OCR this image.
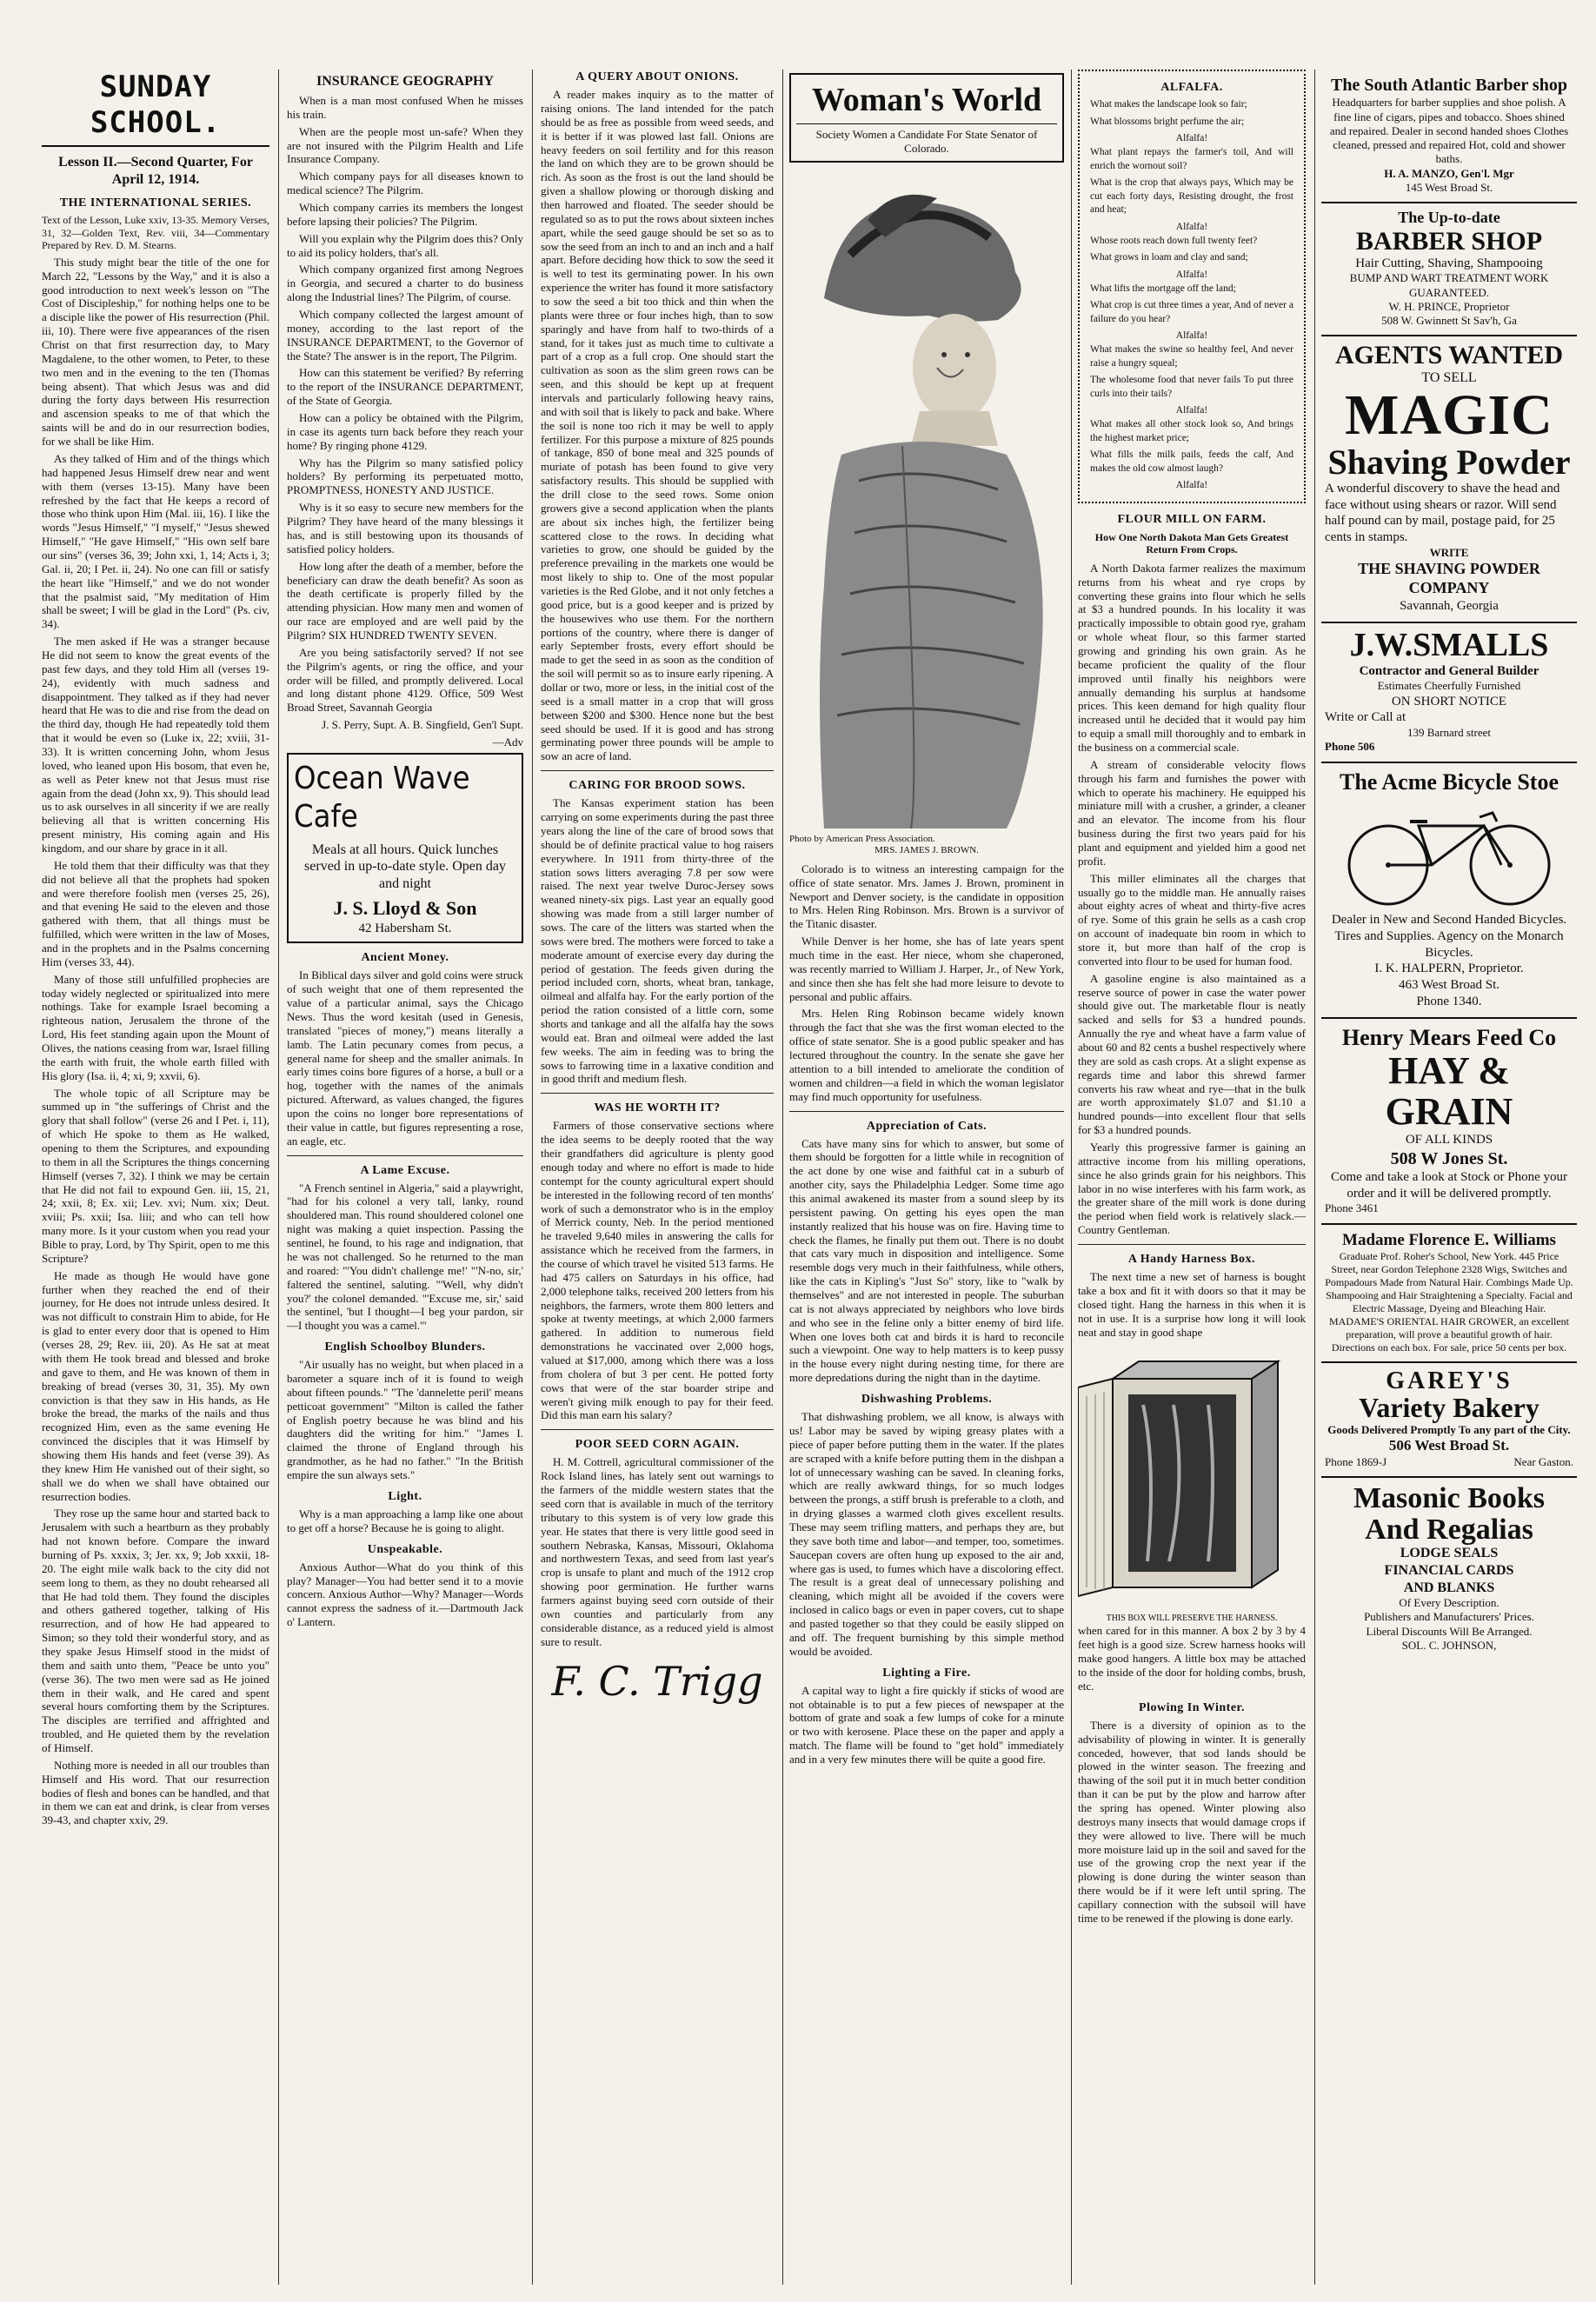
SUNDAY SCHOOL.
Lesson II.—Second Quarter, For April 12, 1914.
THE INTERNATIONAL SERIES.

Text of the Lesson, Luke xxiv, 13-35. Memory Verses, 31, 32—Golden Text, Rev. viii, 34—Commentary Prepared by Rev. D. M. Stearns.

This study might bear the title of the one for March 22, "Lessons by the Way," and it is also a good introduction to next week's lesson on "The Cost of Discipleship," for nothing helps one to be a disciple like the power of His resurrection (Phil. iii, 10). There were five appearances of the risen Christ on that first resurrection day, to Mary Magdalene, to the other women, to Peter, to these two men and in the evening to the ten (Thomas being absent). That which Jesus was and did during the forty days between His resurrection and ascension speaks to me of that which the saints will be and do in our resurrection bodies, for we shall be like Him.

As they talked of Him and of the things which had happened Jesus Himself drew near and went with them (verses 13-15). Many have been refreshed by the fact that He keeps a record of those who think upon Him (Mal. iii, 16). I like the words "Jesus Himself," "I myself," "Jesus shewed Himself," "He gave Himself," "His own self bare our sins" (verses 36, 39; John xxi, 1, 14; Acts i, 3; Gal. ii, 20; I Pet. ii, 24). No one can fill or satisfy the heart like "Himself," and we do not wonder that the psalmist said, "My meditation of Him shall be sweet; I will be glad in the Lord" (Ps. civ, 34).

The men asked if He was a stranger because He did not seem to know the great events of the past few days, and they told Him all (verses 19-24), evidently with much sadness and disappointment. They talked as if they had never heard that He was to die and rise from the dead on the third day, though He had repeatedly told them that it would be even so (Luke ix, 22; xviii, 31-33). It is written concerning John, whom Jesus loved, who leaned upon His bosom, that even he, as well as Peter knew not that Jesus must rise again from the dead (John xx, 9). This should lead us to ask ourselves in all sincerity if we are really believing all that is written concerning His present ministry, His coming again and His kingdom, and our share by grace in it all.

He told them that their difficulty was that they did not believe all that the prophets had spoken and were therefore foolish men (verses 25, 26), and that evening He said to the eleven and those gathered with them, that all things must be fulfilled, which were written in the law of Moses, and in the prophets and in the Psalms concerning Him (verses 33, 44).

Many of those still unfulfilled prophecies are today widely neglected or spiritualized into mere nothings. Take for example Israel becoming a righteous nation, Jerusalem the throne of the Lord, His feet standing again upon the Mount of Olives, the nations ceasing from war, Israel filling the earth with fruit, the whole earth filled with His glory (Isa. ii, 4; xi, 9; xxvii, 6).

The whole topic of all Scripture may be summed up in "the sufferings of Christ and the glory that shall follow" (verse 26 and I Pet. i, 11), of which He spoke to them as He walked, opening to them the Scriptures, and expounding to them in all the Scriptures the things concerning Himself (verses 7, 32). I think we may be certain that He did not fail to expound Gen. iii, 15, 21, 24; xxii, 8; Ex. xii; Lev. xvi; Num. xix; Deut. xviii; Ps. xxii; Isa. liii; and who can tell how many more. Is it your custom when you read your Bible to pray, Lord, by Thy Spirit, open to me this Scripture?

He made as though He would have gone further when they reached the end of their journey, for He does not intrude unless desired. It was not difficult to constrain Him to abide, for He is glad to enter every door that is opened to Him (verses 28, 29; Rev. iii, 20). As He sat at meat with them He took bread and blessed and broke and gave to them, and He was known of them in breaking of bread (verses 30, 31, 35). My own conviction is that they saw in His hands, as He broke the bread, the marks of the nails and thus recognized Him, even as the same evening He convinced the disciples that it was Himself by showing them His hands and feet (verse 39). As they knew Him He vanished out of their sight, so shall we do when we shall have obtained our resurrection bodies.

They rose up the same hour and started back to Jerusalem with such a heartburn as they probably had not known before. Compare the inward burning of Ps. xxxix, 3; Jer. xx, 9; Job xxxii, 18-20. The eight mile walk back to the city did not seem long to them, as they no doubt rehearsed all that He had told them. They found the disciples and others gathered together, talking of His resurrection, and of how He had appeared to Simon; so they told their wonderful story, and as they spake Jesus Himself stood in the midst of them and saith unto them, "Peace be unto you" (verse 36). The two men were sad as He joined them in their walk, and He cared and spent several hours comforting them by the Scriptures. The disciples are terrified and affrighted and troubled, and He quieted them by the revelation of Himself.

Nothing more is needed in all our troubles than Himself and His word. That our resurrection bodies of flesh and bones can be handled, and that in them we can eat and drink, is clear from verses 39-43, and chapter xxiv, 29.

INSURANCE GEOGRAPHY

When is a man most confused When he misses his train.

When are the people most un-safe? When they are not insured with the Pilgrim Health and Life Insurance Company.

Which company pays for all diseases known to medical science? The Pilgrim.

Which company carries its members the longest before lapsing their policies? The Pilgrim.

Will you explain why the Pilgrim does this? Only to aid its policy holders, that's all.

Which company organized first among Negroes in Georgia, and secured a charter to do business along the Industrial lines? The Pilgrim, of course.

Which company collected the largest amount of money, according to the last report of the INSURANCE DEPARTMENT, to the Governor of the State? The answer is in the report, The Pilgrim.

How can this statement be verified? By referring to the report of the INSURANCE DEPARTMENT, of the State of Georgia.

How can a policy be obtained with the Pilgrim, in case its agents turn back before they reach your home? By ringing phone 4129.

Why has the Pilgrim so many satisfied policy holders? By performing its perpetuated motto, PROMPTNESS, HONESTY AND JUSTICE.

Why is it so easy to secure new members for the Pilgrim? They have heard of the many blessings it has, and is still bestowing upon its thousands of satisfied policy holders.

How long after the death of a member, before the beneficiary can draw the death benefit? As soon as the death certificate is properly filled by the attending physician. How many men and women of our race are employed and are well paid by the Pilgrim? SIX HUNDRED TWENTY SEVEN.

Are you being satisfactorily served? If not see the Pilgrim's agents, or ring the office, and your order will be filled, and promptly delivered. Local and long distant phone 4129. Office, 509 West Broad Street, Savannah Georgia

J. S. Perry, Supt. A. B. Singfield, Gen'l Supt.

—Adv

Ocean Wave Cafe

Meals at all hours. Quick lunches served in up-to-date style. Open day and night

J. S. Lloyd & Son
42 Habersham St.
Ancient Money.

In Biblical days silver and gold coins were struck of such weight that one of them represented the value of a particular animal, says the Chicago News. Thus the word kesitah (used in Genesis, translated "pieces of money,") means literally a lamb. The Latin pecunary comes from pecus, a general name for sheep and the smaller animals. In early times coins bore figures of a horse, a bull or a hog, together with the names of the animals pictured. Afterward, as values changed, the figures upon the coins no longer bore representations of their value in cattle, but figures representing a rose, an eagle, etc.

A Lame Excuse.

"A French sentinel in Algeria," said a playwright, "had for his colonel a very tall, lanky, round shouldered man. This round shouldered colonel one night was making a quiet inspection. Passing the sentinel, he found, to his rage and indignation, that he was not challenged. So he returned to the man and roared: "'You didn't challenge me!' "'N-no, sir,' faltered the sentinel, saluting. "'Well, why didn't you?' the colonel demanded. "'Excuse me, sir,' said the sentinel, 'but I thought—I beg your pardon, sir—I thought you was a camel.'"

English Schoolboy Blunders.

"Air usually has no weight, but when placed in a barometer a square inch of it is found to weigh about fifteen pounds." "The 'dannelette peril' means petticoat government" "Milton is called the father of English poetry because he was blind and his daughters did the writing for him." "James I. claimed the throne of England through his grandmother, as he had no father." "In the British empire the sun always sets."

Light.

Why is a man approaching a lamp like one about to get off a horse? Because he is going to alight.

Unspeakable.

Anxious Author—What do you think of this play? Manager—You had better send it to a movie concern. Anxious Author—Why? Manager—Words cannot express the sadness of it.—Dartmouth Jack o' Lantern.

A QUERY ABOUT ONIONS.

A reader makes inquiry as to the matter of raising onions. The land intended for the patch should be as free as possible from weed seeds, and it is better if it was plowed last fall. Onions are heavy feeders on soil fertility and for this reason the land on which they are to be grown should be rich. As soon as the frost is out the land should be given a shallow plowing or thorough disking and then harrowed and floated. The seeder should be regulated so as to put the rows about sixteen inches apart, while the seed gauge should be set so as to sow the seed from an inch to and an inch and a half apart. Before deciding how thick to sow the seed it is well to test its germinating power. In his own experience the writer has found it more satisfactory to sow the seed a bit too thick and thin when the plants were three or four inches high, than to sow sparingly and have from half to two-thirds of a stand, for it takes just as much time to cultivate a part of a crop as a full crop. One should start the cultivation as soon as the slim green rows can be seen, and this should be kept up at frequent intervals and particularly following heavy rains, and with soil that is likely to pack and bake. Where the soil is none too rich it may be well to apply fertilizer. For this purpose a mixture of 825 pounds of tankage, 850 of bone meal and 325 pounds of muriate of potash has been found to give very satisfactory results. This should be supplied with the drill close to the seed rows. Some onion growers give a second application when the plants are about six inches high, the fertilizer being scattered close to the rows. In deciding what varieties to grow, one should be guided by the preference prevailing in the markets one would be most likely to ship to. One of the most popular varieties is the Red Globe, and it not only fetches a good price, but is a good keeper and is prized by the housewives who use them. For the northern portions of the country, where there is danger of early September frosts, every effort should be made to get the seed in as soon as the condition of the soil will permit so as to insure early ripening. A dollar or two, more or less, in the initial cost of the seed is a small matter in a crop that will gross between $200 and $300. Hence none but the best seed should be used. If it is good and has strong germinating power three pounds will be ample to sow an acre of land.

CARING FOR BROOD SOWS.

The Kansas experiment station has been carrying on some experiments during the past three years along the line of the care of brood sows that should be of definite practical value to hog raisers everywhere. In 1911 from thirty-three of the station sows litters averaging 7.8 per sow were raised. The next year twelve Duroc-Jersey sows weaned ninety-six pigs. Last year an equally good showing was made from a still larger number of sows. The care of the litters was started when the sows were bred. The mothers were forced to take a moderate amount of exercise every day during the period of gestation. The feeds given during the period included corn, shorts, wheat bran, tankage, oilmeal and alfalfa hay. For the early portion of the period the ration consisted of a little corn, some shorts and tankage and all the alfalfa hay the sows would eat. Bran and oilmeal were added the last few weeks. The aim in feeding was to bring the sows to farrowing time in a laxative condition and in good thrift and medium flesh.

WAS HE WORTH IT?

Farmers of those conservative sections where the idea seems to be deeply rooted that the way their grandfathers did agriculture is plenty good enough today and where no effort is made to hide contempt for the county agricultural expert should be interested in the following record of ten months' work of such a demonstrator who is in the employ of Merrick county, Neb. In the period mentioned he traveled 9,640 miles in answering the calls for assistance which he received from the farmers, in the course of which travel he visited 513 farms. He had 475 callers on Saturdays in his office, had 2,000 telephone talks, received 200 letters from his neighbors, the farmers, wrote them 800 letters and spoke at twenty meetings, at which 2,000 farmers gathered. In addition to numerous field demonstrations he vaccinated over 2,000 hogs, valued at $17,000, among which there was a loss from cholera of but 3 per cent. He potted forty cows that were of the star boarder stripe and weren't giving milk enough to pay for their feed. Did this man earn his salary?

POOR SEED CORN AGAIN.

H. M. Cottrell, agricultural commissioner of the Rock Island lines, has lately sent out warnings to the farmers of the middle western states that the seed corn that is available in much of the territory tributary to this system is of very low grade this year. He states that there is very little good seed in southern Nebraska, Kansas, Missouri, Oklahoma and northwestern Texas, and seed from last year's crop is unsafe to plant and much of the 1912 crop showing poor germination. He further warns farmers against buying seed corn outside of their own counties and particularly from any considerable distance, as a reduced yield is almost sure to result.

F. C. Trigg
Woman's World
Society Women a Candidate For State Senator of Colorado.
Photo by American Press Association.
MRS. JAMES J. BROWN.

Colorado is to witness an interesting campaign for the office of state senator. Mrs. James J. Brown, prominent in Newport and Denver society, is the candidate in opposition to Mrs. Helen Ring Robinson. Mrs. Brown is a survivor of the Titanic disaster.

While Denver is her home, she has of late years spent much time in the east. Her niece, whom she chaperoned, was recently married to William J. Harper, Jr., of New York, and since then she has felt she had more leisure to devote to personal and public affairs.

Mrs. Helen Ring Robinson became widely known through the fact that she was the first woman elected to the office of state senator. She is a good public speaker and has lectured throughout the country. In the senate she gave her attention to a bill intended to ameliorate the condition of women and children—a field in which the woman legislator may find much opportunity for usefulness.

Appreciation of Cats.

Cats have many sins for which to answer, but some of them should be forgotten for a little while in recognition of the act done by one wise and faithful cat in a suburb of another city, says the Philadelphia Ledger. Some time ago this animal awakened its master from a sound sleep by its persistent pawing. On getting his eyes open the man instantly realized that his house was on fire. Having time to check the flames, he finally put them out. There is no doubt that cats vary much in disposition and intelligence. Some resemble dogs very much in their faithfulness, while others, like the cats in Kipling's "Just So" story, like to "walk by themselves" and are not interested in people. The suburban cat is not always appreciated by neighbors who love birds and who see in the feline only a bitter enemy of bird life. When one loves both cat and birds it is hard to reconcile such a viewpoint. One way to help matters is to keep pussy in the house every night during nesting time, for there are more depredations during the night than in the daytime.

Dishwashing Problems.

That dishwashing problem, we all know, is always with us! Labor may be saved by wiping greasy plates with a piece of paper before putting them in the water. If the plates are scraped with a knife before putting them in the dishpan a lot of unnecessary washing can be saved. In cleaning forks, which are really awkward things, for so much lodges between the prongs, a stiff brush is preferable to a cloth, and in drying glasses a warmed cloth gives excellent results. These may seem trifling matters, and perhaps they are, but they save both time and labor—and temper, too, sometimes. Saucepan covers are often hung up exposed to the air and, where gas is used, to fumes which have a discoloring effect. The result is a great deal of unnecessary polishing and cleaning, which might all be avoided if the covers were inclosed in calico bags or even in paper covers, cut to shape and pasted together so that they could be easily slipped on and off. The frequent burnishing by this simple method would be avoided.

Lighting a Fire.

A capital way to light a fire quickly if sticks of wood are not obtainable is to put a few pieces of newspaper at the bottom of grate and soak a few lumps of coke for a minute or two with kerosene. Place these on the paper and apply a match. The flame will be found to "get hold" immediately and in a very few minutes there will be quite a good fire.

ALFALFA.

What makes the landscape look so fair;

What blossoms bright perfume the air;

Alfalfa!

What plant repays the farmer's toil, And will enrich the wornout soil?

What is the crop that always pays, Which may be cut each forty days, Resisting drought, the frost and heat;

Alfalfa!

Whose roots reach down full twenty feet?

What grows in loam and clay and sand;

Alfalfa!

What lifts the mortgage off the land;

What crop is cut three times a year, And of never a failure do you hear?

Alfalfa!

What makes the swine so healthy feel, And never raise a hungry squeal;

The wholesome food that never fails To put three curls into their tails?

Alfalfa!

What makes all other stock look so, And brings the highest market price;

What fills the milk pails, feeds the calf, And makes the old cow almost laugh?

Alfalfa!
FLOUR MILL ON FARM.
How One North Dakota Man Gets Greatest Return From Crops.

A North Dakota farmer realizes the maximum returns from his wheat and rye crops by converting these grains into flour which he sells at $3 a hundred pounds. In his locality it was practically impossible to obtain good rye, graham or whole wheat flour, so this farmer started growing and grinding his own grain. As he became proficient the quality of the flour improved until finally his neighbors were annually demanding his surplus at handsome prices. This keen demand for high quality flour increased until he decided that it would pay him to equip a small mill thoroughly and to embark in the business on a commercial scale.

A stream of considerable velocity flows through his farm and furnishes the power with which to operate his machinery. He equipped his miniature mill with a crusher, a grinder, a cleaner and an elevator. The income from his flour business during the first two years paid for his plant and equipment and yielded him a good net profit.

This miller eliminates all the charges that usually go to the middle man. He annually raises about eighty acres of wheat and thirty-five acres of rye. Some of this grain he sells as a cash crop on account of inadequate bin room in which to store it, but more than half of the crop is converted into flour to be used for human food.

A gasoline engine is also maintained as a reserve source of power in case the water power should give out. The marketable flour is neatly sacked and sells for $3 a hundred pounds. Annually the rye and wheat have a farm value of about 60 and 82 cents a bushel respectively where they are sold as cash crops. At a slight expense as regards time and labor this shrewd farmer converts his raw wheat and rye—that in the bulk are worth approximately $1.07 and $1.10 a hundred pounds—into excellent flour that sells for $3 a hundred pounds.

Yearly this progressive farmer is gaining an attractive income from his milling operations, since he also grinds grain for his neighbors. This labor in no wise interferes with his farm work, as the greater share of the mill work is done during the period when field work is relatively slack.—Country Gentleman.

A Handy Harness Box.

The next time a new set of harness is bought take a box and fit it with doors so that it may be closed tight. Hang the harness in this when it is not in use. It is a surprise how long it will look neat and stay in good shape

THIS BOX WILL PRESERVE THE HARNESS.

when cared for in this manner. A box 2 by 3 by 4 feet high is a good size. Screw harness hooks will make good hangers. A little box may be attached to the inside of the door for holding combs, brush, etc.

Plowing In Winter.

There is a diversity of opinion as to the advisability of plowing in winter. It is generally conceded, however, that sod lands should be plowed in the winter season. The freezing and thawing of the soil put it in much better condition than it can be put by the plow and harrow after the spring has opened. Winter plowing also destroys many insects that would damage crops if they were allowed to live. There will be much more moisture laid up in the soil and saved for the use of the growing crop the next year if the plowing is done during the winter season than there would be if it were left until spring. The capillary connection with the subsoil will have time to be renewed if the plowing is done early.

The South Atlantic Barber shop
Headquarters for barber supplies and shoe polish. A fine line of cigars, pipes and tobacco. Shoes shined and repaired. Dealer in second handed shoes Clothes cleaned, pressed and repaired Hot, cold and shower baths.
H. A. MANZO, Gen'l. Mgr
145 West Broad St.
The Up-to-date
BARBER SHOP
Hair Cutting, Shaving, Shampooing
BUMP AND WART TREATMENT WORK GUARANTEED.
W. H. PRINCE, Proprietor
508 W. Gwinnett St Sav'h, Ga
AGENTS WANTED
TO SELL
MAGIC
Shaving Powder
A wonderful discovery to shave the head and face without using shears or razor. Will send half pound can by mail, postage paid, for 25 cents in stamps.
WRITE
THE SHAVING POWDER COMPANY
Savannah, Georgia
J.W.SMALLS
Contractor and General Builder
Estimates Cheerfully Furnished
ON SHORT NOTICE
Write or Call at
139 Barnard street
Phone 506
The Acme Bicycle Stoe
Dealer in New and Second Handed Bicycles. Tires and Supplies. Agency on the Monarch Bicycles.
I. K. HALPERN, Proprietor.
463 West Broad St.
Phone 1340.
Henry Mears Feed Co
HAY & GRAIN
OF ALL KINDS
508 W Jones St.
Come and take a look at Stock or Phone your order and it will be delivered promptly.
Phone 3461
Madame Florence E. Williams
Graduate Prof. Roher's School, New York. 445 Price Street, near Gordon Telephone 2328 Wigs, Switches and Pompadours Made from Natural Hair. Combings Made Up. Shampooing and Hair Straightening a Specialty. Facial and Electric Massage, Dyeing and Bleaching Hair. MADAME'S ORIENTAL HAIR GROWER, an excellent preparation, will prove a beautiful growth of hair. Directions on each box. For sale, price 50 cents per box.
GAREY'S
Variety Bakery
Goods Delivered Promptly To any part of the City.
506 West Broad St.
Phone 1869-J	Near Gaston.
Masonic Books
And Regalias
LODGE SEALS
FINANCIAL CARDS
AND BLANKS
Of Every Description.
Publishers and Manufacturers' Prices.
Liberal Discounts Will Be Arranged.
SOL. C. JOHNSON,
